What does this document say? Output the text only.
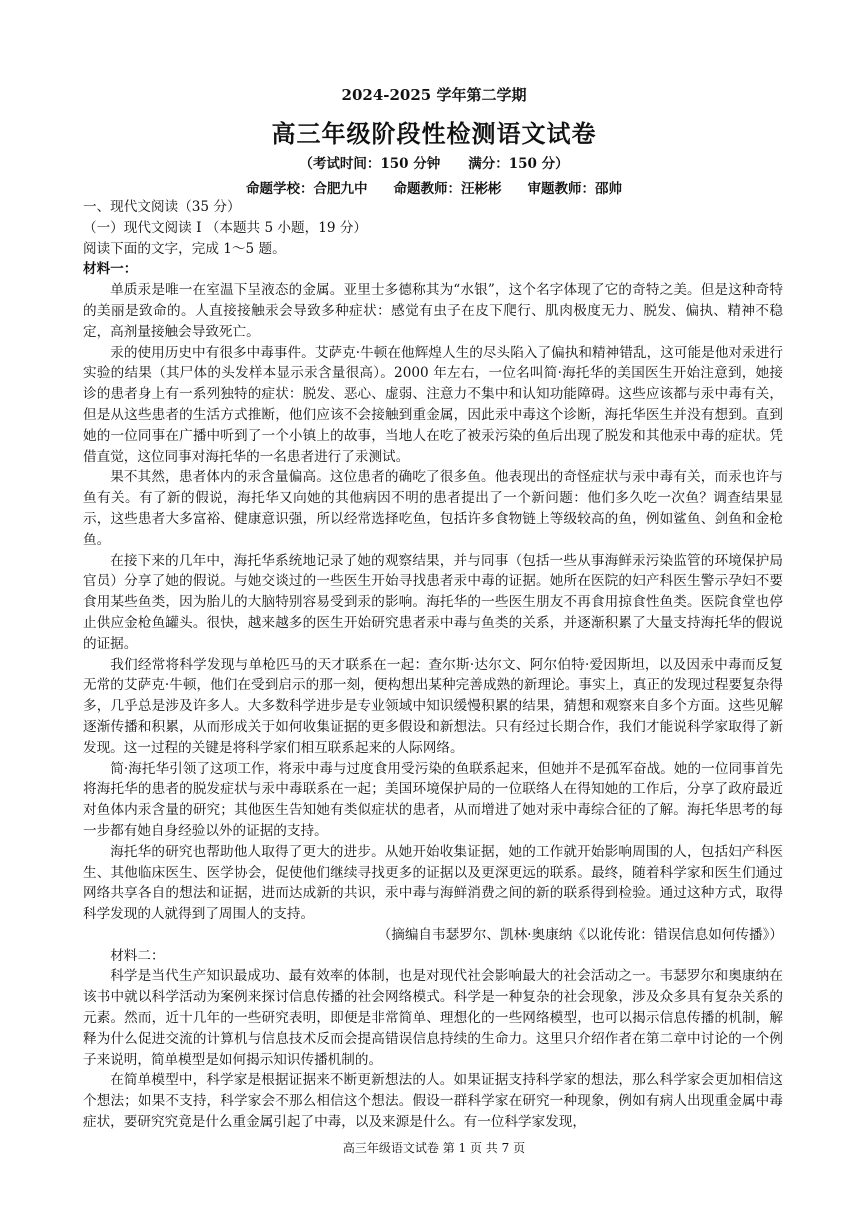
2024-2025 学年第二学期
高三年级阶段性检测语文试卷
（考试时间：150 分钟 满分：150 分）
命题学校：合肥九中 命题教师：汪彬彬 审题教师：邵帅

一、现代文阅读（35 分）

（一）现代文阅读 Ⅰ （本题共 5 小题，19 分）

阅读下面的文字，完成 1～5 题。

材料一：

单质汞是唯一在室温下呈液态的金属。亚里士多德称其为“水银”，这个名字体现了它的奇特之美。但是这种奇特的美丽是致命的。人直接接触汞会导致多种症状：感觉有虫子在皮下爬行、肌肉极度无力、脱发、偏执、精神不稳定，高剂量接触会导致死亡。

汞的使用历史中有很多中毒事件。艾萨克·牛顿在他辉煌人生的尽头陷入了偏执和精神错乱，这可能是他对汞进行实验的结果（其尸体的头发样本显示汞含量很高）。2000 年左右，一位名叫简·海托华的美国医生开始注意到，她接诊的患者身上有一系列独特的症状：脱发、恶心、虚弱、注意力不集中和认知功能障碍。这些应该都与汞中毒有关，但是从这些患者的生活方式推断，他们应该不会接触到重金属，因此汞中毒这个诊断，海托华医生并没有想到。直到她的一位同事在广播中听到了一个小镇上的故事，当地人在吃了被汞污染的鱼后出现了脱发和其他汞中毒的症状。凭借直觉，这位同事对海托华的一名患者进行了汞测试。

果不其然，患者体内的汞含量偏高。这位患者的确吃了很多鱼。他表现出的奇怪症状与汞中毒有关，而汞也许与鱼有关。有了新的假说，海托华又向她的其他病因不明的患者提出了一个新问题：他们多久吃一次鱼？调查结果显示，这些患者大多富裕、健康意识强，所以经常选择吃鱼，包括许多食物链上等级较高的鱼，例如鲨鱼、剑鱼和金枪鱼。

在接下来的几年中，海托华系统地记录了她的观察结果，并与同事（包括一些从事海鲜汞污染监管的环境保护局官员）分享了她的假说。与她交谈过的一些医生开始寻找患者汞中毒的证据。她所在医院的妇产科医生警示孕妇不要食用某些鱼类，因为胎儿的大脑特别容易受到汞的影响。海托华的一些医生朋友不再食用掠食性鱼类。医院食堂也停止供应金枪鱼罐头。很快，越来越多的医生开始研究患者汞中毒与鱼类的关系，并逐渐积累了大量支持海托华的假说的证据。

我们经常将科学发现与单枪匹马的天才联系在一起：查尔斯·达尔文、阿尔伯特·爱因斯坦，以及因汞中毒而反复无常的艾萨克·牛顿，他们在受到启示的那一刻，便构想出某种完善成熟的新理论。事实上，真正的发现过程要复杂得多，几乎总是涉及许多人。大多数科学进步是专业领域中知识缓慢积累的结果，猜想和观察来自多个方面。这些见解逐渐传播和积累，从而形成关于如何收集证据的更多假设和新想法。只有经过长期合作，我们才能说科学家取得了新发现。这一过程的关键是将科学家们相互联系起来的人际网络。

简·海托华引领了这项工作，将汞中毒与过度食用受污染的鱼联系起来，但她并不是孤军奋战。她的一位同事首先将海托华的患者的脱发症状与汞中毒联系在一起；美国环境保护局的一位联络人在得知她的工作后，分享了政府最近对鱼体内汞含量的研究；其他医生告知她有类似症状的患者，从而增进了她对汞中毒综合征的了解。海托华思考的每一步都有她自身经验以外的证据的支持。

海托华的研究也帮助他人取得了更大的进步。从她开始收集证据，她的工作就开始影响周围的人，包括妇产科医生、其他临床医生、医学协会，促使他们继续寻找更多的证据以及更深更远的联系。最终，随着科学家和医生们通过网络共享各自的想法和证据，进而达成新的共识，汞中毒与海鲜消费之间的新的联系得到检验。通过这种方式，取得科学发现的人就得到了周围人的支持。

（摘编自韦瑟罗尔、凯林·奥康纳《以讹传讹：错误信息如何传播》）

材料二：

科学是当代生产知识最成功、最有效率的体制，也是对现代社会影响最大的社会活动之一。韦瑟罗尔和奥康纳在该书中就以科学活动为案例来探讨信息传播的社会网络模式。科学是一种复杂的社会现象，涉及众多具有复杂关系的元素。然而，近十几年的一些研究表明，即便是非常简单、理想化的一些网络模型，也可以揭示信息传播的机制，解释为什么促进交流的计算机与信息技术反而会提高错误信息持续的生命力。这里只介绍作者在第二章中讨论的一个例子来说明，简单模型是如何揭示知识传播机制的。

在简单模型中，科学家是根据证据来不断更新想法的人。如果证据支持科学家的想法，那么科学家会更加相信这个想法；如果不支持，科学家会不那么相信这个想法。假设一群科学家在研究一种现象，例如有病人出现重金属中毒症状，要研究究竟是什么重金属引起了中毒，以及来源是什么。有一位科学家发现，

高三年级语文试卷 第 1 页 共 7 页
